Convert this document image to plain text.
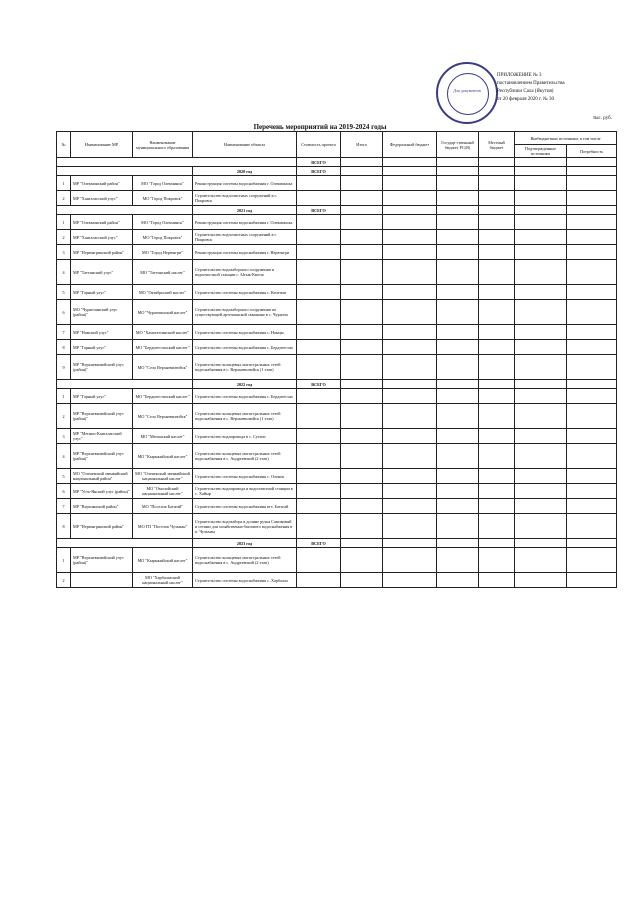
Для документов
ПРИЛОЖЕНИЕ № 3
постановлением Правительства
Республики Саха (Якутия)
от 20 февраля 2020 г. № 30
тыс. руб.
Перечень мероприятий на 2019-2024 годы
№	Наименование МР	Наименование муниципального образования	Наименование объекта	Стоимость проекта	Итого	Федеральный бюджет	Государ-ственный бюджет РС(Я)	Местный бюджет	Внебюджетные источники, в том числе	
									Подтвержденные источники	Потребность
				ВСЕГО						
			2020 год	ВСЕГО						
1	МР "Олекминский район"	МО "Город Олекминск"	Реконструкция системы водоснабжения г. Олекминска							
2	МР "Хангаласский улус"	МО "Город Покровск"	Строительство водоочистных сооружений в г. Покровск							
			2021 год	ВСЕГО						
1	МР "Олекминский район"	МО "Город Олекминск"	Реконструкция системы водоснабжения г. Олекминска							
2	МР "Хангаласский улус"	МО "Город Покровск"	Строительство водоочистных сооружений в г. Покровск							
3	МР "Нерюнгринский район"	МО "Город Нерюнгри"	Реконструкция системы водоснабжения г. Нерюнгри							
4	МР "Таттинский улус"	МО "Таттинский наслег"	Строительство водозаборного сооружения и водоочистной станции с. Ытык-Кюель							
5	МР "Горный улус"	МО "Октябрьский наслег"	Строительство системы водоснабжения с. Кептени							
6	МО "Чурапчинский улус (район)"	МО "Чурапчинский наслег"	Строительство водозаборного сооружения по существующей артезианской скважине в с. Чурапча							
7	МР "Намский улус"	МО "Хамагаттинский наслег"	Строительство системы водоснабжения с. Намцы							
8	МР "Горный улус"	МО "Бердигестяхский наслег"	Строительство системы водоснабжения с. Бердигестях							
9	МР "Верхневилюйский улус (район)"	МО "Село Верхневилюйск"	Строительство кольцевых магистральных сетей водоснабжения в с. Верхневилюйск (1 этап)							
			2022 год	ВСЕГО						
1	МР "Горный улус"	МО "Бердигестяхский наслег"	Строительство системы водоснабжения с. Бердигестях							
2	МР "Верхневилюйский улус (район)"	МО "Село Верхневилюйск"	Строительство кольцевых магистральных сетей водоснабжения в с. Верхневилюйск (1 этап)							
3	МР "Мегино-Кангаласский улус"	МО "Мегинский наслег"	Строительство водопровода в с. Сутаги							
4	МР "Верхневилюйский улус (район)"	МО "Кырыкыйский наслег"	Строительство кольцевых магистральных сетей водоснабжения в с. Андреевский (2 этап)							
5	МО "Оленекский эвенкийский национальный район"	МО "Оленекский эвенкийский национальный наслег"	Строительство системы водоснабжения с. Оленек							
6	МР "Усть-Янский улус (район)"	МО "Омолойский национальный наслег"	Строительство водопровода и водоочистной станции в с. Хайыр							
7	МР "Верхоянский район"	МО "Поселок Батагай"	Строительство системы водоснабжения пгт. Батагай							
8	МР "Нерюнгринский район"	МО ГП "Поселок Чульман"	Строительство водозабора в долине ручья Самоковый и сетями для хозяйственно-бытового водоснабжения в п. Чульман							
			2023 год	ВСЕГО						
1	МР "Верхневилюйский улус (район)"	МО "Кырыкыйский наслег"	Строительство кольцевых магистральных сетей водоснабжения в с. Андреевский (2 этап)							
2		МО "Харбалахский национальный наслег"	Строительство системы водоснабжения с. Харбалах							
